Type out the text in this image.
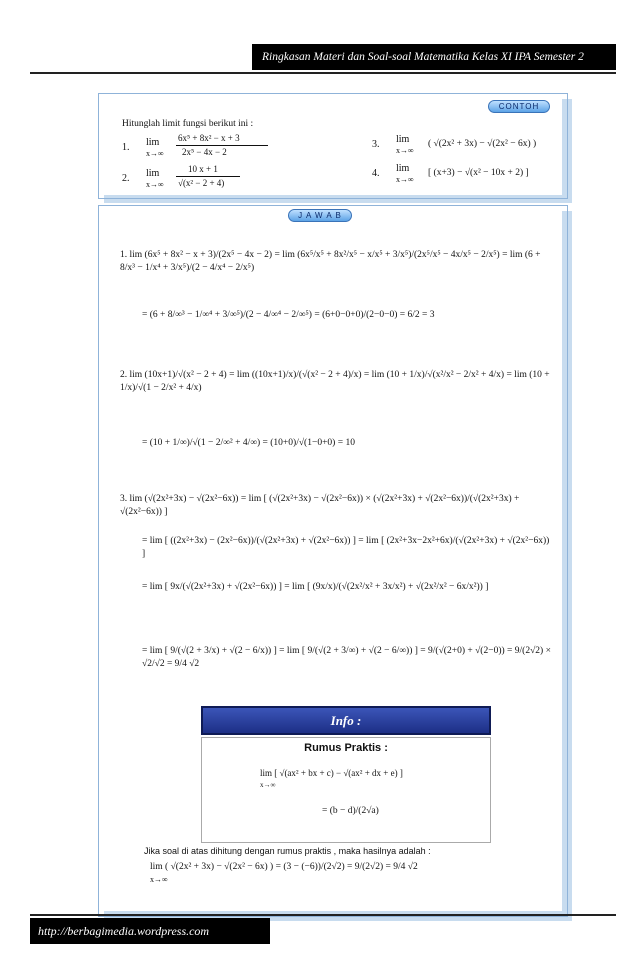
Ringkasan Materi dan Soal-soal Matematika Kelas XI IPA Semester 2
CONTOH
Hitunglah limit fungsi berikut ini :
1. lim
x→∞
6x⁵ + 8x² − x + 3
2x⁵ − 4x − 2
2. lim
x→∞
10 x + 1
√(x² − 2 + 4)
3. lim
x→∞
( √(2x² + 3x) − √(2x² − 6x) )
4. lim
x→∞
[ (x+3) − √(x² − 10x + 2) ]
J A W A B
1. lim (6x⁵ + 8x² − x + 3)/(2x⁵ − 4x − 2) = lim (6x⁵/x⁵ + 8x²/x⁵ − x/x⁵ + 3/x⁵)/(2x⁵/x⁵ − 4x/x⁵ − 2/x⁵) = lim (6 + 8/x³ − 1/x⁴ + 3/x⁵)/(2 − 4/x⁴ − 2/x⁵)
= (6 + 8/∞³ − 1/∞⁴ + 3/∞⁵)/(2 − 4/∞⁴ − 2/∞⁵) = (6+0−0+0)/(2−0−0) = 6/2 = 3
2. lim (10x+1)/√(x² − 2 + 4) = lim ((10x+1)/x)/(√(x² − 2 + 4)/x) = lim (10 + 1/x)/√(x²/x² − 2/x² + 4/x) = lim (10 + 1/x)/√(1 − 2/x² + 4/x)
= (10 + 1/∞)/√(1 − 2/∞² + 4/∞) = (10+0)/√(1−0+0) = 10
3. lim (√(2x²+3x) − √(2x²−6x)) = lim [ (√(2x²+3x) − √(2x²−6x)) × (√(2x²+3x) + √(2x²−6x))/(√(2x²+3x) + √(2x²−6x)) ]
= lim [ ((2x²+3x) − (2x²−6x))/(√(2x²+3x) + √(2x²−6x)) ] = lim [ (2x²+3x−2x²+6x)/(√(2x²+3x) + √(2x²−6x)) ]
= lim [ 9x/(√(2x²+3x) + √(2x²−6x)) ] = lim [ (9x/x)/(√(2x²/x² + 3x/x²) + √(2x²/x² − 6x/x²)) ]
= lim [ 9/(√(2 + 3/x) + √(2 − 6/x)) ] = lim [ 9/(√(2 + 3/∞) + √(2 − 6/∞)) ] = 9/(√(2+0) + √(2−0)) = 9/(2√2) × √2/√2 = 9/4 √2
Info :
Rumus Praktis :
lim [ √(ax² + bx + c) − √(ax² + dx + e) ]
x→∞
= (b − d)/(2√a)
Jika soal di atas dihitung dengan rumus praktis , maka hasilnya adalah :
lim ( √(2x² + 3x) − √(2x² − 6x) ) = (3 − (−6))/(2√2) = 9/(2√2) = 9/4 √2
x→∞
http://berbagimedia.wordpress.com
